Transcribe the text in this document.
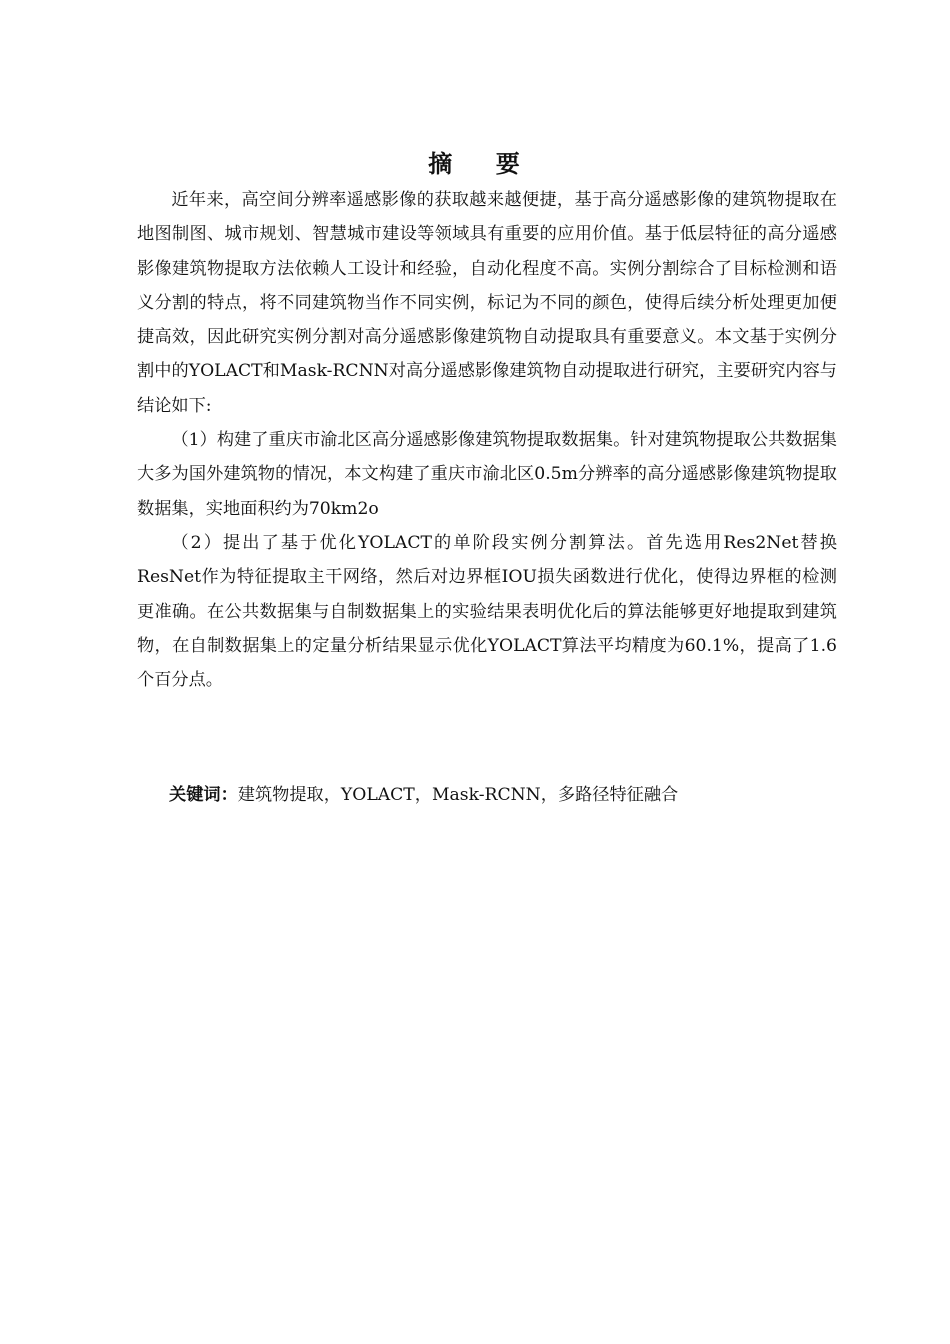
摘    要

近年来，高空间分辨率遥感影像的获取越来越便捷，基于高分遥感影像的建筑物提取在地图制图、城市规划、智慧城市建设等领域具有重要的应用价值。基于低层特征的高分遥感影像建筑物提取方法依赖人工设计和经验，自动化程度不高。实例分割综合了目标检测和语义分割的特点，将不同建筑物当作不同实例，标记为不同的颜色，使得后续分析处理更加便捷高效，因此研究实例分割对高分遥感影像建筑物自动提取具有重要意义。本文基于实例分割中的YOLACT和Mask-RCNN对高分遥感影像建筑物自动提取进行研究，主要研究内容与结论如下:

（1）构建了重庆市渝北区高分遥感影像建筑物提取数据集。针对建筑物提取公共数据集大多为国外建筑物的情况，本文构建了重庆市渝北区0.5m分辨率的高分遥感影像建筑物提取数据集，实地面积约为70km2o

（2）提出了基于优化YOLACT的单阶段实例分割算法。首先选用Res2Net替换ResNet作为特征提取主干网络，然后对边界框IOU损失函数进行优化，使得边界框的检测更准确。在公共数据集与自制数据集上的实验结果表明优化后的算法能够更好地提取到建筑物，在自制数据集上的定量分析结果显示优化YOLACT算法平均精度为60.1%，提高了1.6个百分点。

关键词：建筑物提取，YOLACT，Mask-RCNN，多路径特征融合
